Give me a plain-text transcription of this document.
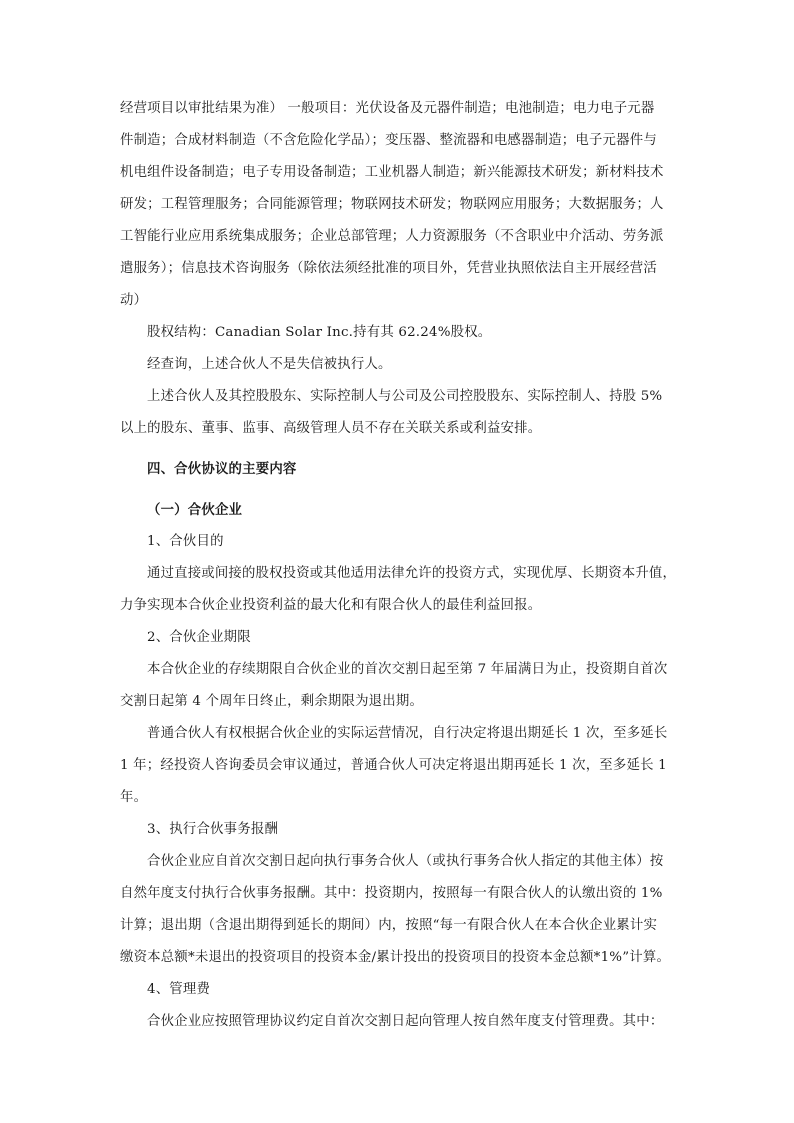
经营项目以审批结果为准） 一般项目：光伏设备及元器件制造；电池制造；电力电子元器
件制造；合成材料制造（不含危险化学品）；变压器、整流器和电感器制造；电子元器件与
机电组件设备制造；电子专用设备制造；工业机器人制造；新兴能源技术研发；新材料技术
研发；工程管理服务；合同能源管理；物联网技术研发；物联网应用服务；大数据服务；人
工智能行业应用系统集成服务；企业总部管理；人力资源服务（不含职业中介活动、劳务派
遣服务）；信息技术咨询服务（除依法须经批准的项目外，凭营业执照依法自主开展经营活
动）
股权结构：Canadian Solar Inc.持有其 62.24%股权。
经查询，上述合伙人不是失信被执行人。
上述合伙人及其控股股东、实际控制人与公司及公司控股股东、实际控制人、持股 5%
以上的股东、董事、监事、高级管理人员不存在关联关系或利益安排。
四、合伙协议的主要内容
（一）合伙企业
1、合伙目的
通过直接或间接的股权投资或其他适用法律允许的投资方式，实现优厚、长期资本升值，
力争实现本合伙企业投资利益的最大化和有限合伙人的最佳利益回报。
2、合伙企业期限
本合伙企业的存续期限自合伙企业的首次交割日起至第 7 年届满日为止，投资期自首次
交割日起第 4 个周年日终止，剩余期限为退出期。
普通合伙人有权根据合伙企业的实际运营情况，自行决定将退出期延长 1 次，至多延长
1 年；经投资人咨询委员会审议通过，普通合伙人可决定将退出期再延长 1 次，至多延长 1
年。
3、执行合伙事务报酬
合伙企业应自首次交割日起向执行事务合伙人（或执行事务合伙人指定的其他主体）按
自然年度支付执行合伙事务报酬。其中：投资期内，按照每一有限合伙人的认缴出资的 1%
计算；退出期（含退出期得到延长的期间）内，按照“每一有限合伙人在本合伙企业累计实
缴资本总额*未退出的投资项目的投资本金/累计投出的投资项目的投资本金总额*1%”计算。
4、管理费
合伙企业应按照管理协议约定自首次交割日起向管理人按自然年度支付管理费。其中：
